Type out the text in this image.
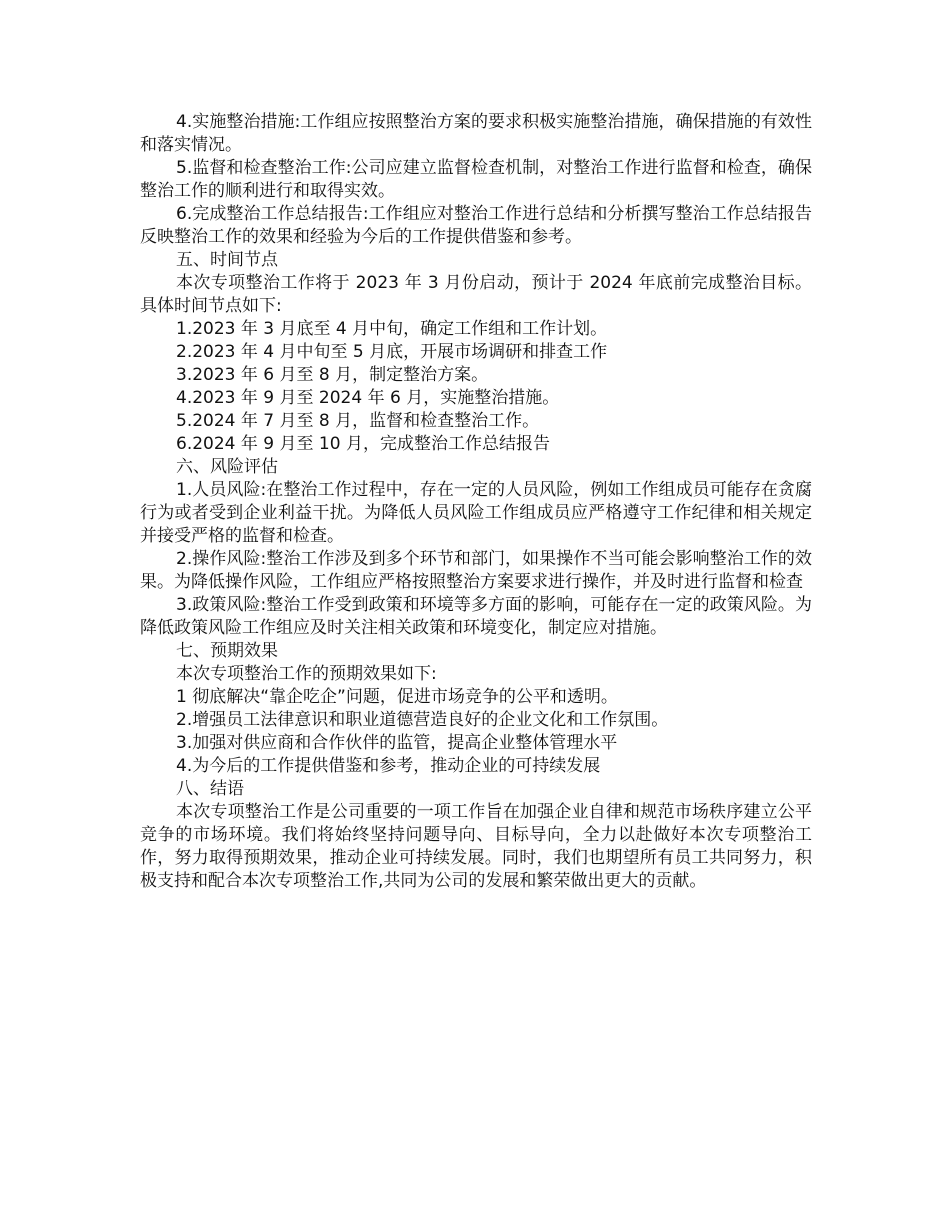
4.实施整治措施:工作组应按照整治方案的要求积极实施整治措施，确保措施的有效性和落实情况。

5.监督和检查整治工作:公司应建立监督检查机制，对整治工作进行监督和检查，确保整治工作的顺利进行和取得实效。

6.完成整治工作总结报告:工作组应对整治工作进行总结和分析撰写整治工作总结报告反映整治工作的效果和经验为今后的工作提供借鉴和参考。

五、时间节点

本次专项整治工作将于 2023 年 3 月份启动，预计于 2024 年底前完成整治目标。具体时间节点如下:

1.2023 年 3 月底至 4 月中旬，确定工作组和工作计划。

2.2023 年 4 月中旬至 5 月底，开展市场调研和排查工作

3.2023 年 6 月至 8 月，制定整治方案。

4.2023 年 9 月至 2024 年 6 月，实施整治措施。

5.2024 年 7 月至 8 月，监督和检查整治工作。

6.2024 年 9 月至 10 月，完成整治工作总结报告

六、风险评估

1.人员风险:在整治工作过程中，存在一定的人员风险，例如工作组成员可能存在贪腐行为或者受到企业利益干扰。为降低人员风险工作组成员应严格遵守工作纪律和相关规定并接受严格的监督和检查。

2.操作风险:整治工作涉及到多个环节和部门，如果操作不当可能会影响整治工作的效果。为降低操作风险，工作组应严格按照整治方案要求进行操作，并及时进行监督和检查

3.政策风险:整治工作受到政策和环境等多方面的影响，可能存在一定的政策风险。为降低政策风险工作组应及时关注相关政策和环境变化，制定应对措施。

七、预期效果

本次专项整治工作的预期效果如下:

1 彻底解决“靠企吃企”问题，促进市场竞争的公平和透明。

2.增强员工法律意识和职业道德营造良好的企业文化和工作氛围。

3.加强对供应商和合作伙伴的监管，提高企业整体管理水平

4.为今后的工作提供借鉴和参考，推动企业的可持续发展

八、结语

本次专项整治工作是公司重要的一项工作旨在加强企业自律和规范市场秩序建立公平竞争的市场环境。我们将始终坚持问题导向、目标导向，全力以赴做好本次专项整治工作，努力取得预期效果，推动企业可持续发展。同时，我们也期望所有员工共同努力，积极支持和配合本次专项整治工作,共同为公司的发展和繁荣做出更大的贡献。
